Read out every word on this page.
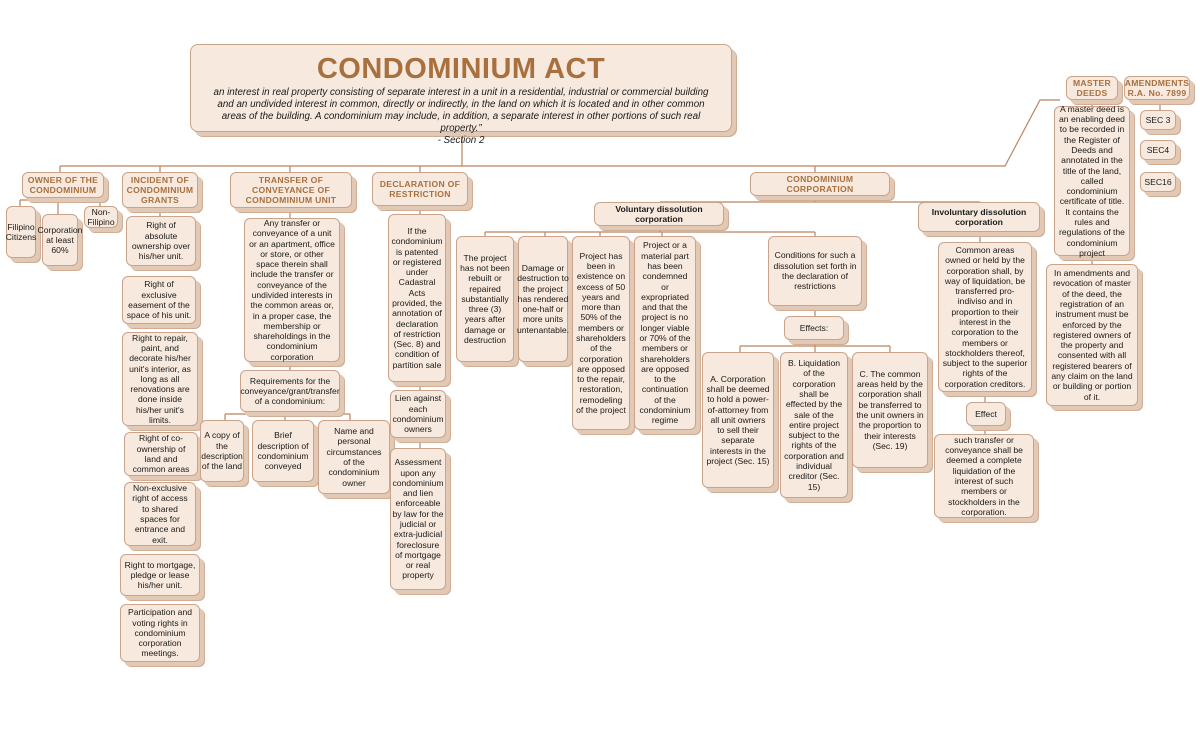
CONDOMINIUM ACT
an interest in real property consisting of separate interest in a unit in a residential, industrial or commercial building and an undivided interest in common, directly or indirectly, in the land on which it is located and in other common areas of the building. A condominium may include, in addition, a separate interest in other portions of such real property.”
- Section 2
OWNER OF THE CONDOMINIUM
Filipino Citizens
Corporation at least 60%
Non-Filipino
INCIDENT OF CONDOMINIUM GRANTS
Right of absolute ownership over his/her unit.
Right of exclusive easement of the space of his unit.
Right to repair, paint, and decorate his/her unit's interior, as long as all renovations are done inside his/her unit's limits.
Right of co-ownership of land and common areas
Non-exclusive right of access to shared spaces for entrance and exit.
Right to mortgage, pledge or lease his/her unit.
Participation and voting rights in condominium corporation meetings.
TRANSFER OF CONVEYANCE OF CONDOMINIUM UNIT
Any transfer or conveyance of a unit or an apartment, office or store, or other space therein shall include the transfer or conveyance of the undivided interests in the common areas or, in a proper case, the membership or shareholdings in the condominium corporation
Requirements for the conveyance/grant/transfer of a condominium:
A copy of the description of the land
Brief description of condominium conveyed
Name and personal circumstances of the condominium owner
DECLARATION OF RESTRICTION
If the condominium is patented or registered under Cadastral Acts provided, the annotation of declaration of restriction (Sec. 8) and condition of partition sale
Lien against each condominium owners
Assessment upon any condominium and lien enforceable by law for the judicial or extra-judicial foreclosure of mortgage or real property
CONDOMINIUM CORPORATION
Voluntary dissolution corporation
The project has not been rebuilt or repaired substantially three (3) years after damage or destruction
Damage or destruction to the project has rendered one-half or more units untenantable.
Project has been in existence on excess of 50 years and more than 50% of the members or shareholders of the corporation are opposed to the repair, restoration, remodeling of the project
Project or a material part has been condemned or expropriated and that the project is no longer viable or 70% of the members or shareholders are opposed to the continuation of the condominium regime
Conditions for such a dissolution set forth in the declaration of restrictions
Effects:
A. Corporation shall be deemed to hold a power-of-attorney from all unit owners to sell their separate interests in the project (Sec. 15)
B. Liquidation of the corporation shall be effected by the sale of the entire project subject to the rights of the corporation and individual creditor (Sec. 15)
C. The common areas held by the corporation shall be transferred to the unit owners in the proportion to their interests (Sec. 19)
Involuntary dissolution corporation
Common areas owned or held by the corporation shall, by way of liquidation, be transferred pro-indiviso and in proportion to their interest in the corporation to the members or stockholders thereof, subject to the superior rights of the corporation creditors.
Effect
such transfer or conveyance shall be deemed a complete liquidation of the interest of such members or stockholders in the corporation.
MASTER DEEDS
A master deed is an enabling deed to be recorded in the Register of Deeds and annotated in the title of the land, called condominium certificate of title. It contains the rules and regulations of the condominium project
In amendments and revocation of master of the deed, the registration of an instrument must be enforced by the registered owners of the property and consented with all registered bearers of any claim on the land or building or portion of it.
AMENDMENTS R.A. No. 7899
SEC 3
SEC4
SEC16
